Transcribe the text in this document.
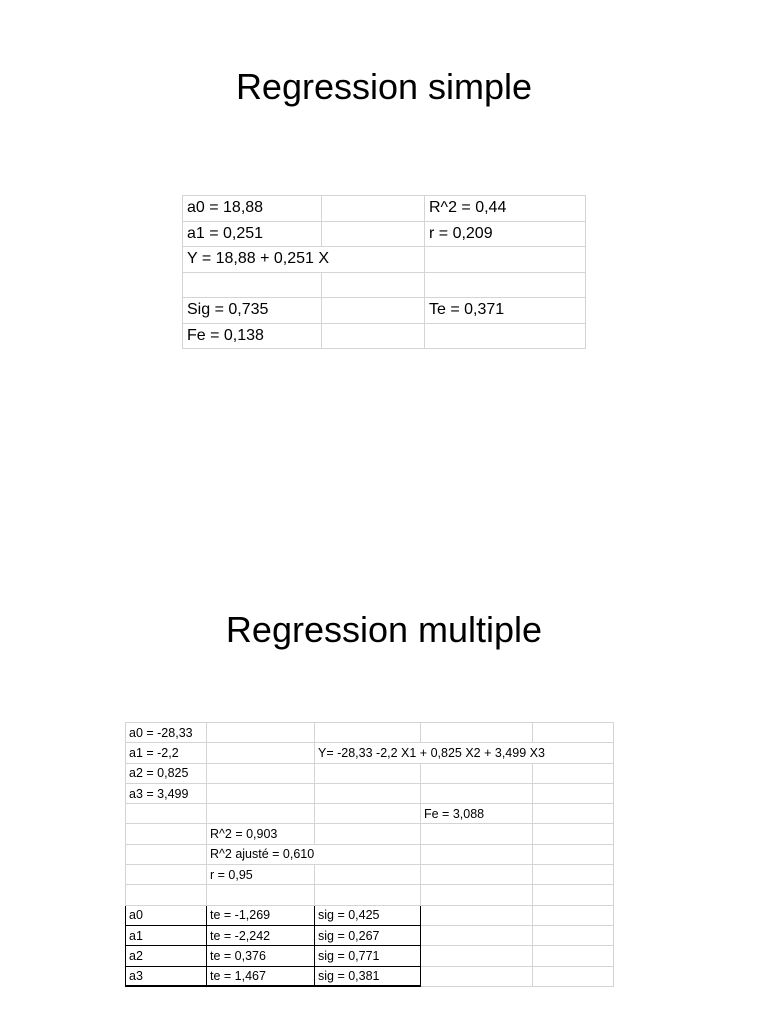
Regression simple
a0 = 18,88		R^2 = 0,44
a1 = 0,251		r = 0,209
Y = 18,88 + 0,251 X		

Sig = 0,735		Te = 0,371
Fe = 0,138		
Regression multiple
a0 = -28,33				
a1 = -2,2		Y= -28,33 -2,2 X1 + 0,825 X2 + 3,499 X3		
a2 = 0,825				
a3 = 3,499				
			Fe = 3,088	
	R^2 = 0,903			
	R^2 ajusté = 0,610			
	r = 0,95			

a0	te = -1,269	sig = 0,425		
a1	te = -2,242	sig = 0,267		
a2	te = 0,376	sig = 0,771		
a3	te = 1,467	sig = 0,381		
